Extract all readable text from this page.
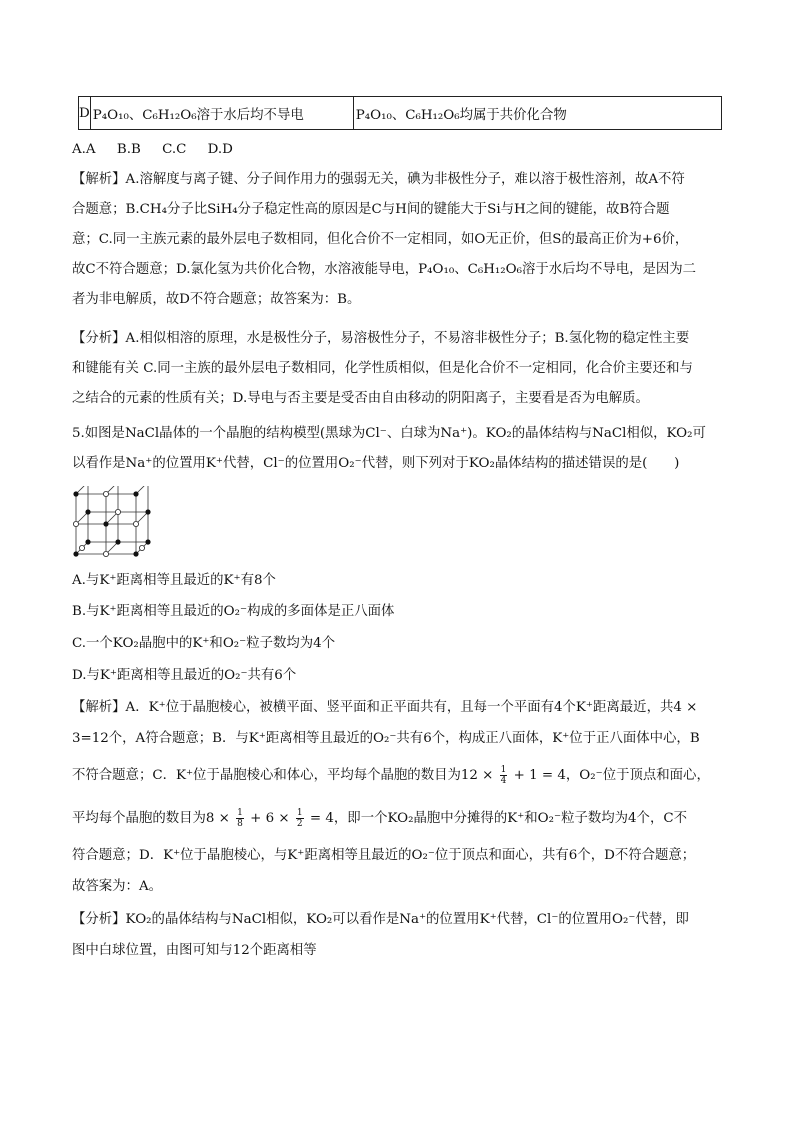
D	P₄O₁₀、C₆H₁₂O₆溶于水后均不导电	P₄O₁₀、C₆H₁₂O₆均属于共价化合物
A.A     B.B     C.C     D.D
【解析】A.溶解度与离子键、分子间作用力的强弱无关，碘为非极性分子，难以溶于极性溶剂，故A不符
合题意；B.CH₄分子比SiH₄分子稳定性高的原因是C与H间的键能大于Si与H之间的键能，故B符合题
意；C.同一主族元素的最外层电子数相同，但化合价不一定相同，如O无正价，但S的最高正价为+6价，
故C不符合题意；D.氯化氢为共价化合物，水溶液能导电，P₄O₁₀、C₆H₁₂O₆溶于水后均不导电，是因为二
者为非电解质，故D不符合题意；故答案为：B。
【分析】A.相似相溶的原理，水是极性分子，易溶极性分子，不易溶非极性分子；B.氢化物的稳定性主要
和键能有关 C.同一主族的最外层电子数相同，化学性质相似，但是化合价不一定相同，化合价主要还和与
之结合的元素的性质有关；D.导电与否主要是受否由自由移动的阴阳离子，主要看是否为电解质。
5.如图是NaCl晶体的一个晶胞的结构模型(黑球为Cl⁻、白球为Na⁺)。KO₂的晶体结构与NaCl相似，KO₂可
以看作是Na⁺的位置用K⁺代替，Cl⁻的位置用O₂⁻代替，则下列对于KO₂晶体结构的描述错误的是(　　)
A.与K⁺距离相等且最近的K⁺有8个
B.与K⁺距离相等且最近的O₂⁻构成的多面体是正八面体
C.一个KO₂晶胞中的K⁺和O₂⁻粒子数均为4个
D.与K⁺距离相等且最近的O₂⁻共有6个
【解析】A．K⁺位于晶胞棱心，被横平面、竖平面和正平面共有，且每一个平面有4个K⁺距离最近，共4 ×
3=12个，A符合题意；B．与K⁺距离相等且最近的O₂⁻共有6个，构成正八面体，K⁺位于正八面体中心，B
不符合题意；C．K⁺位于晶胞棱心和体心，平均每个晶胞的数目为$12 \times \frac{1}{4} + 1 = 4$，O₂⁻位于顶点和面心，
平均每个晶胞的数目为$8 \times \frac{1}{8} + 6 \times \frac{1}{2} = 4$，即一个KO₂晶胞中分摊得的K⁺和O₂⁻粒子数均为4个，C不
符合题意；D．K⁺位于晶胞棱心，与K⁺距离相等且最近的O₂⁻位于顶点和面心，共有6个，D不符合题意；
故答案为：A。
【分析】KO₂的晶体结构与NaCl相似，KO₂可以看作是Na⁺的位置用K⁺代替，Cl⁻的位置用O₂⁻代替，即
图中白球位置，由图可知与12个距离相等
